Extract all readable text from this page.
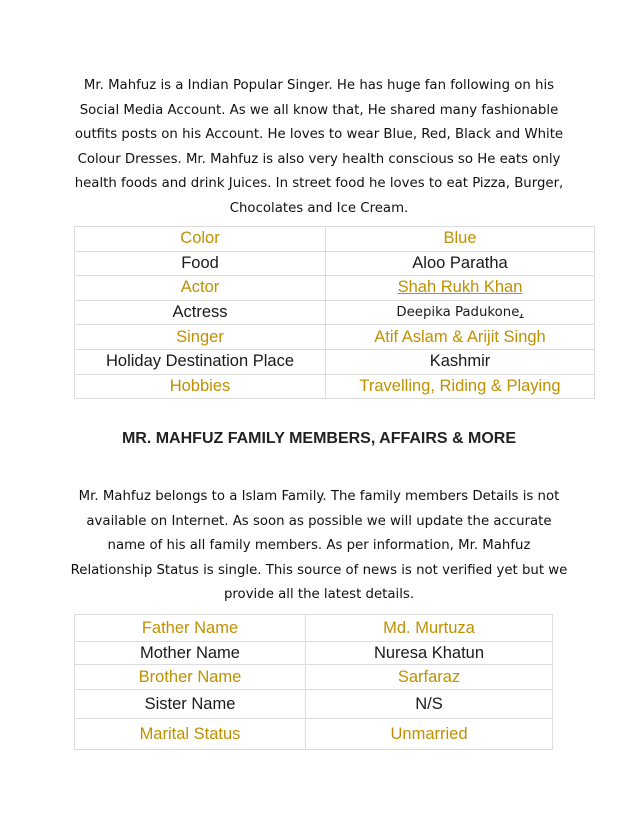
Mr. Mahfuz is a Indian Popular Singer. He has huge fan following on his Social Media Account. As we all know that, He shared many fashionable outfits posts on his Account. He loves to wear Blue, Red, Black and White Colour Dresses. Mr. Mahfuz is also very health conscious so He eats only health foods and drink Juices. In street food he loves to eat Pizza, Burger, Chocolates and Ice Cream.
Color	Blue
Food	Aloo Paratha
Actor	Shah Rukh Khan
Actress	Deepika Padukone,
Singer	Atif Aslam & Arijit Singh
Holiday Destination Place	Kashmir
Hobbies	Travelling, Riding & Playing
MR. MAHFUZ FAMILY MEMBERS, AFFAIRS & MORE
Mr. Mahfuz belongs to a Islam Family. The family members Details is not available on Internet. As soon as possible we will update the accurate name of his all family members. As per information, Mr. Mahfuz Relationship Status is single. This source of news is not verified yet but we provide all the latest details.
Father Name	Md. Murtuza
Mother Name	Nuresa Khatun
Brother Name	Sarfaraz
Sister Name	N/S
Marital Status	Unmarried
